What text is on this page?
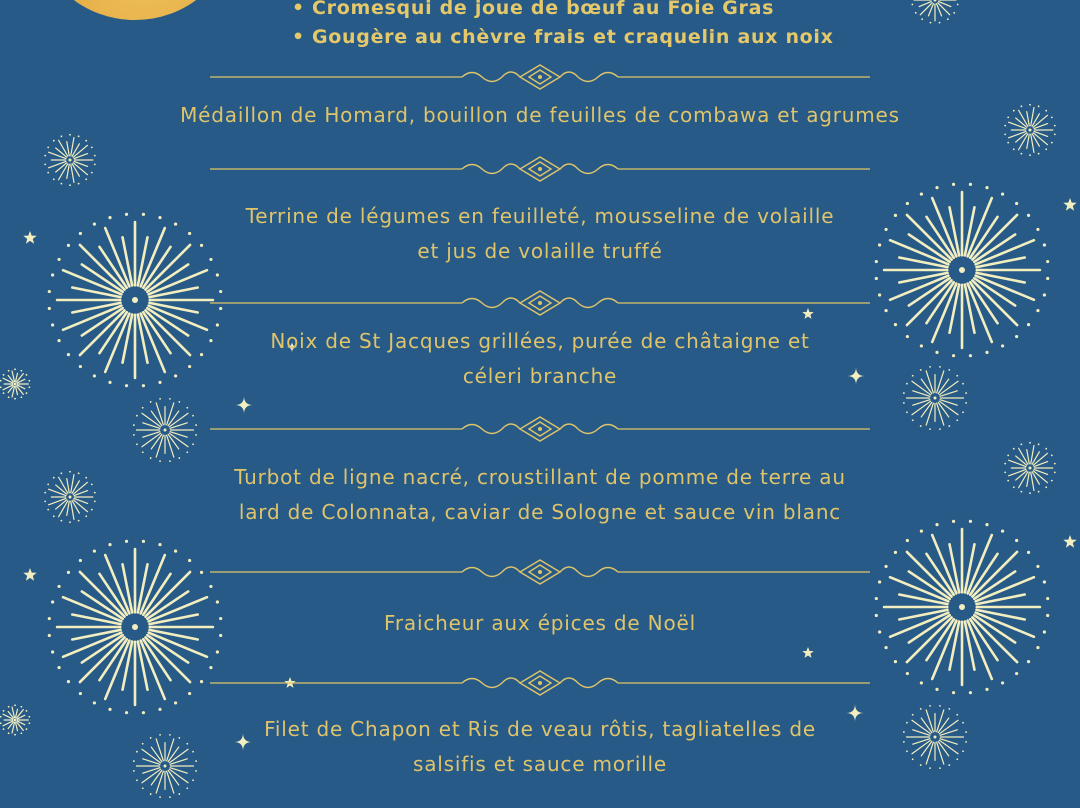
• Cromesqui de joue de bœuf au Foie Gras
• Gougère au chèvre frais et craquelin aux noix
Médaillon de Homard, bouillon de feuilles de combawa et agrumes
Terrine de légumes en feuilleté, mousseline de volaille
et jus de volaille truffé
Noix de St Jacques grillées, purée de châtaigne et
céleri branche
Turbot de ligne nacré, croustillant de pomme de terre au
lard de Colonnata, caviar de Sologne et sauce vin blanc
Fraicheur aux épices de Noël
Filet de Chapon et Ris de veau rôtis, tagliatelles de
salsifis et sauce morille
